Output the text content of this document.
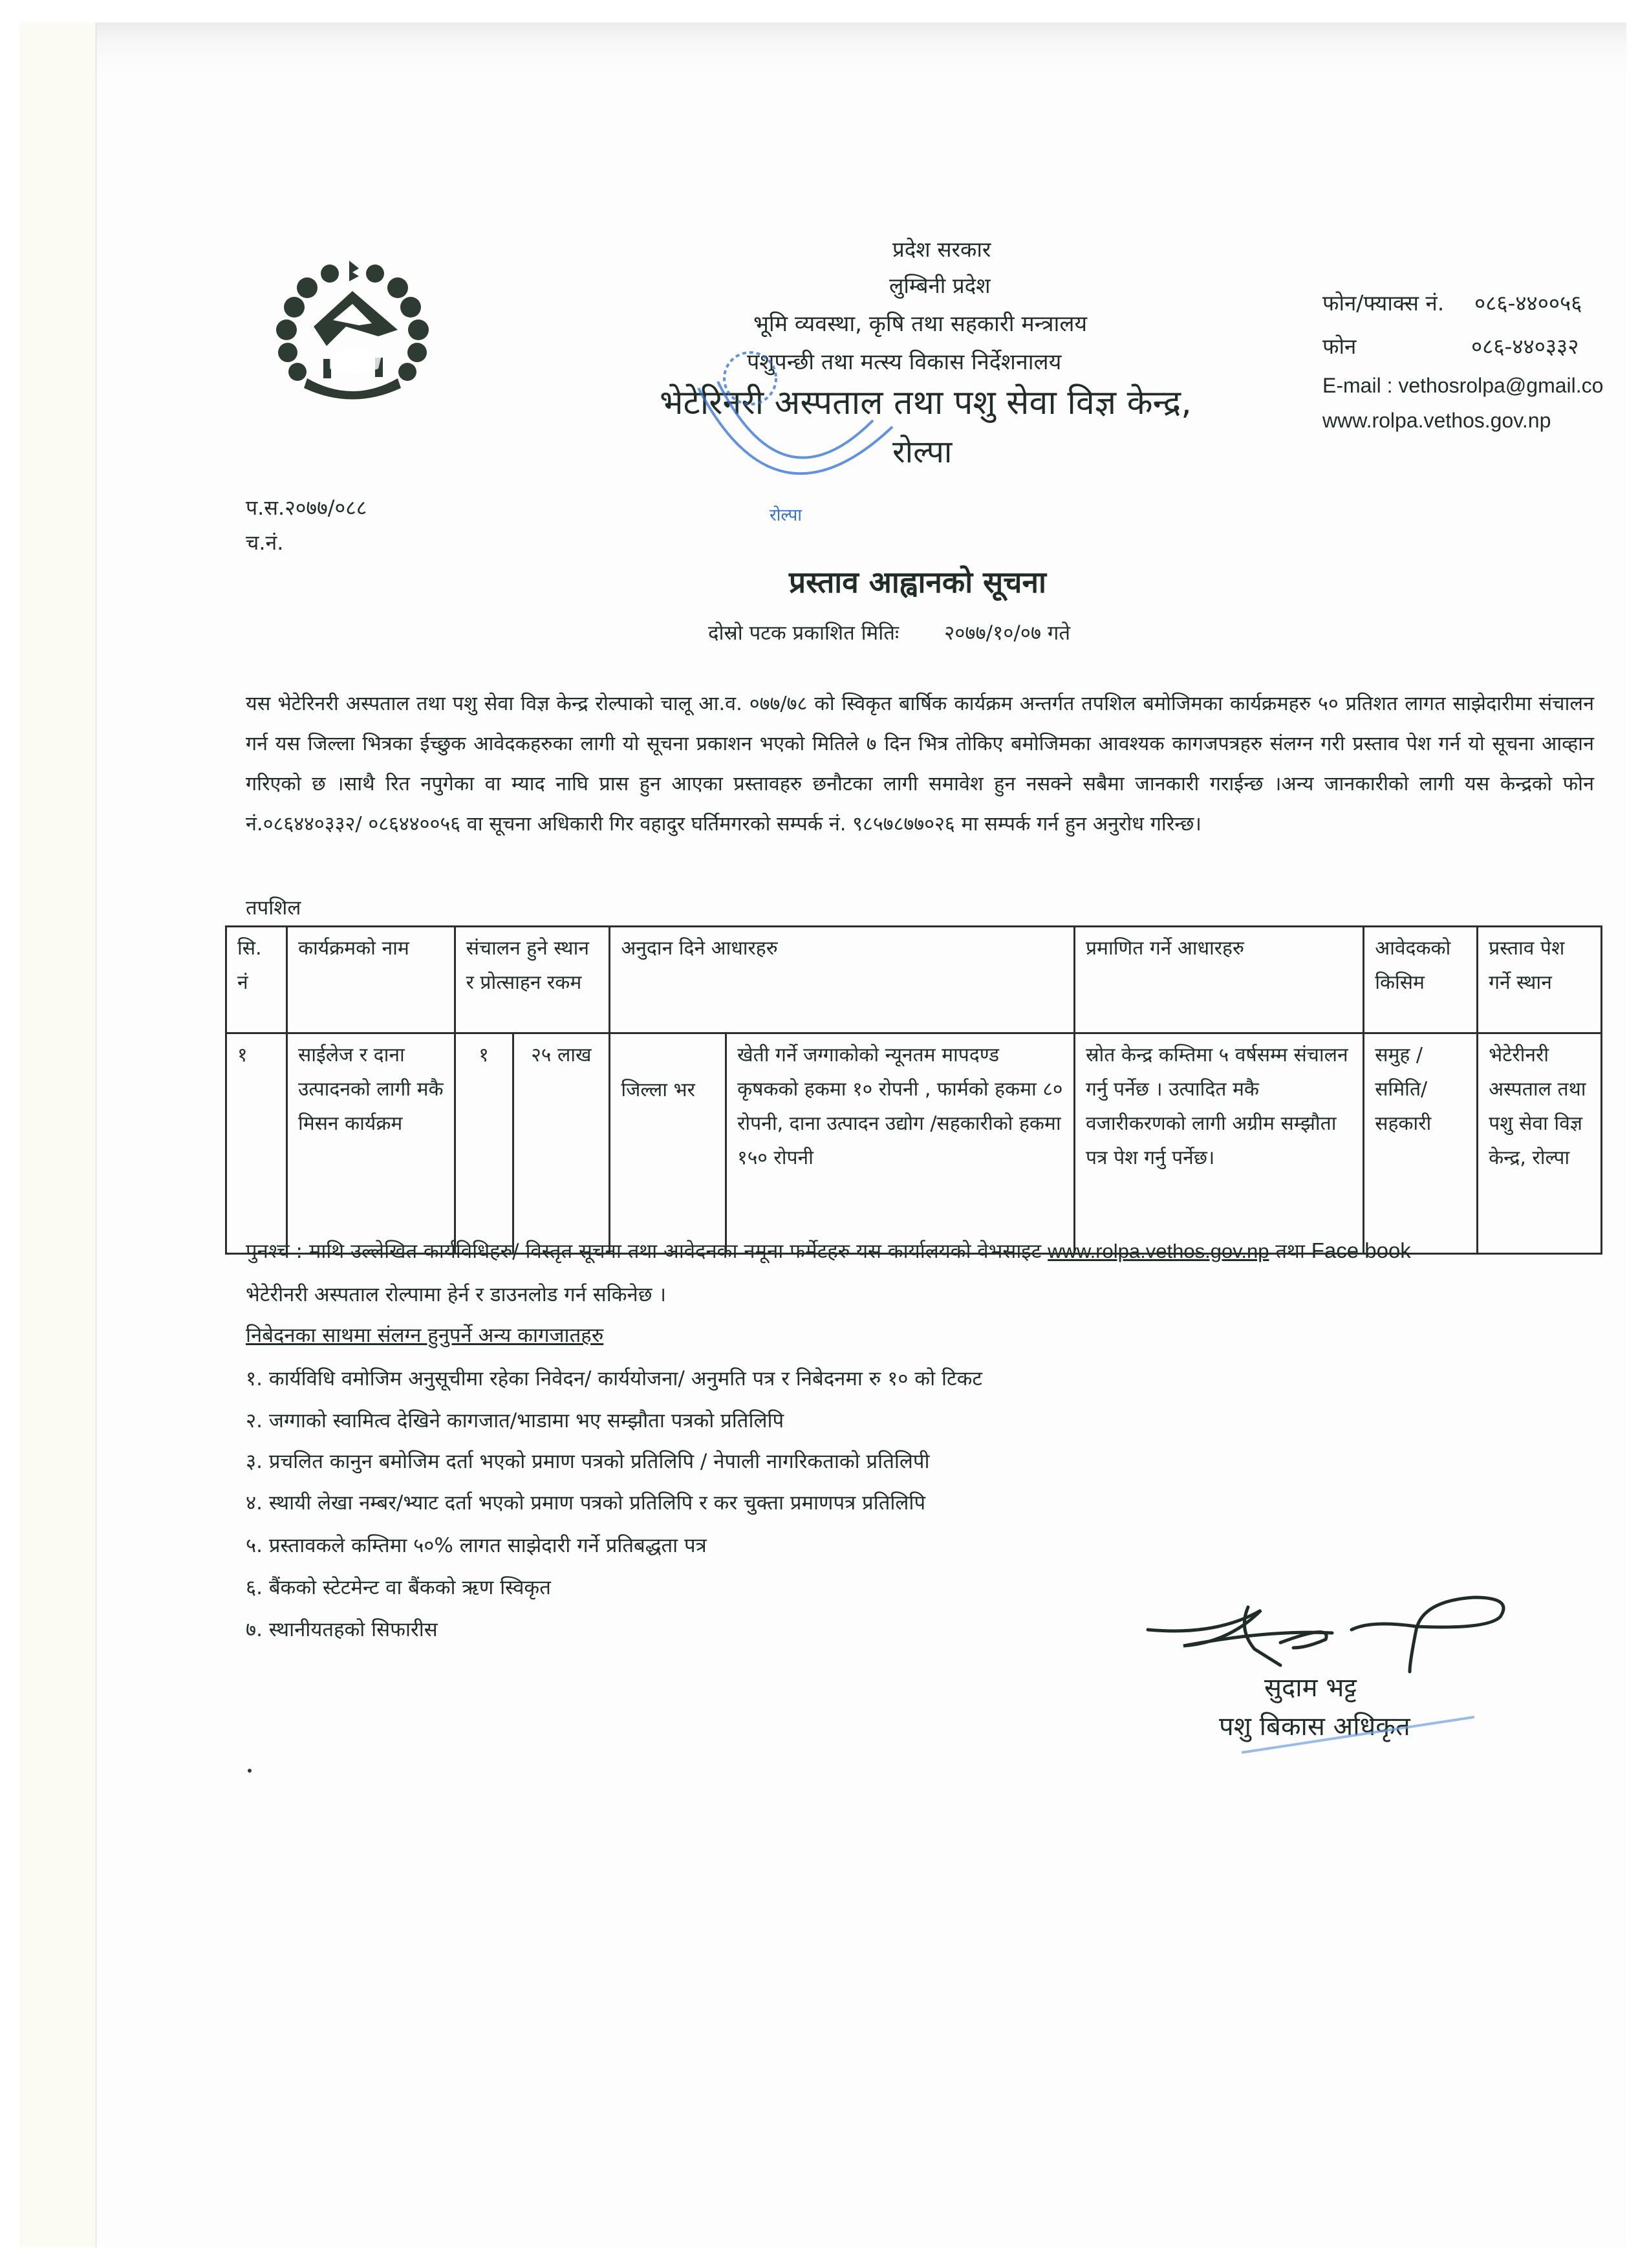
प्रदेश सरकार
लुम्बिनी प्रदेश
भूमि व्यवस्था, कृषि तथा सहकारी मन्त्रालय
पशुपन्छी तथा मत्स्य विकास निर्देशनालय
भेटेरिनरी अस्पताल तथा पशु सेवा विज्ञ केन्द्र,
रोल्पा
रोल्पा
फोन/फ्याक्स नं. ०८६-४४००५६
फोन	०८६-४४०३३२
E-mail : vethosrolpa@gmail.co
www.rolpa.vethos.gov.np
प.स.२०७७/०८८
च.नं.
प्रस्ताव आह्वानको सूचना
दोस्रो पटक प्रकाशित मितिः २०७७/१०/०७ गते
यस भेटेरिनरी अस्पताल तथा पशु सेवा विज्ञ केन्द्र रोल्पाको चालू आ.व. ०७७/७८ को स्विकृत बार्षिक कार्यक्रम अन्तर्गत तपशिल बमोजिमका कार्यक्रमहरु ५० प्रतिशत लागत साझेदारीमा संचालन गर्न यस जिल्ला भित्रका ईच्छुक आवेदकहरुका लागी यो सूचना प्रकाशन भएको मितिले ७ दिन भित्र तोकिए बमोजिमका आवश्यक कागजपत्रहरु संलग्न गरी प्रस्ताव पेश गर्न यो सूचना आव्हान गरिएको छ ।साथै रित नपुगेका वा म्याद नाघि प्रास हुन आएका प्रस्तावहरु छनौटका लागी समावेश हुन नसक्ने सबैमा जानकारी गराईन्छ ।अन्य जानकारीको लागी यस केन्द्रको फोन नं.०८६४४०३३२/ ०८६४४००५६ वा सूचना अधिकारी गिर वहादुर घर्तिमगरको सम्पर्क नं. ९८५७८७७०२६ मा सम्पर्क गर्न हुन अनुरोध गरिन्छ।
तपशिल
सि. नं	कार्यक्रमको नाम	संचालन हुने स्थान र प्रोत्साहन रकम		अनुदान दिने आधारहरु		प्रमाणित गर्ने आधारहरु	आवेदकको किसिम	प्रस्ताव पेश गर्ने स्थान
१	साईलेज र दाना उत्पादनको लागी मकै मिसन कार्यक्रम	१	२५ लाख	जिल्ला भर	खेती गर्ने जग्गाकोको न्यूनतम मापदण्ड कृषकको हकमा १० रोपनी , फार्मको हकमा ८० रोपनी, दाना उत्पादन उद्योग /सहकारीको हकमा १५० रोपनी	स्रोत केन्द्र कम्तिमा ५ वर्षसम्म संचालन गर्नु पर्नेछ । उत्पादित मकै वजारीकरणको लागी अग्रीम सम्झौता पत्र पेश गर्नु पर्नेछ।	समुह /समिति/ सहकारी	भेटेरीनरी अस्पताल तथा पशु सेवा विज्ञ केन्द्र, रोल्पा
पुनश्च : माथि उल्लेखित कार्यविधिहरु/ विस्तृत सूचना तथा आवेदनका नमूना फर्मेटहरु यस कार्यालयको वेभसाइट www.rolpa.vethos.gov.np तथा Face book
भेटेरीनरी अस्पताल रोल्पामा हेर्न र डाउनलोड गर्न सकिनेछ ।
निबेदनका साथमा संलग्न हुनुपर्ने अन्य कागजातहरु
१. कार्यविधि वमोजिम अनुसूचीमा रहेका निवेदन/ कार्ययोजना/ अनुमति पत्र र निबेदनमा रु १० को टिकट
२. जग्गाको स्वामित्व देखिने कागजात/भाडामा भए सम्झौता पत्रको प्रतिलिपि
३. प्रचलित कानुन बमोजिम दर्ता भएको प्रमाण पत्रको प्रतिलिपि / नेपाली नागरिकताको प्रतिलिपी
४. स्थायी लेखा नम्बर/भ्याट दर्ता भएको प्रमाण पत्रको प्रतिलिपि र कर चुक्ता प्रमाणपत्र प्रतिलिपि
५. प्रस्तावकले कम्तिमा ५०% लागत साझेदारी गर्ने प्रतिबद्धता पत्र
६. बैंकको स्टेटमेन्ट वा बैंकको ऋण स्विकृत
७. स्थानीयतहको सिफारीस
सुदाम भट्ट
पशु बिकास अधिकृत
